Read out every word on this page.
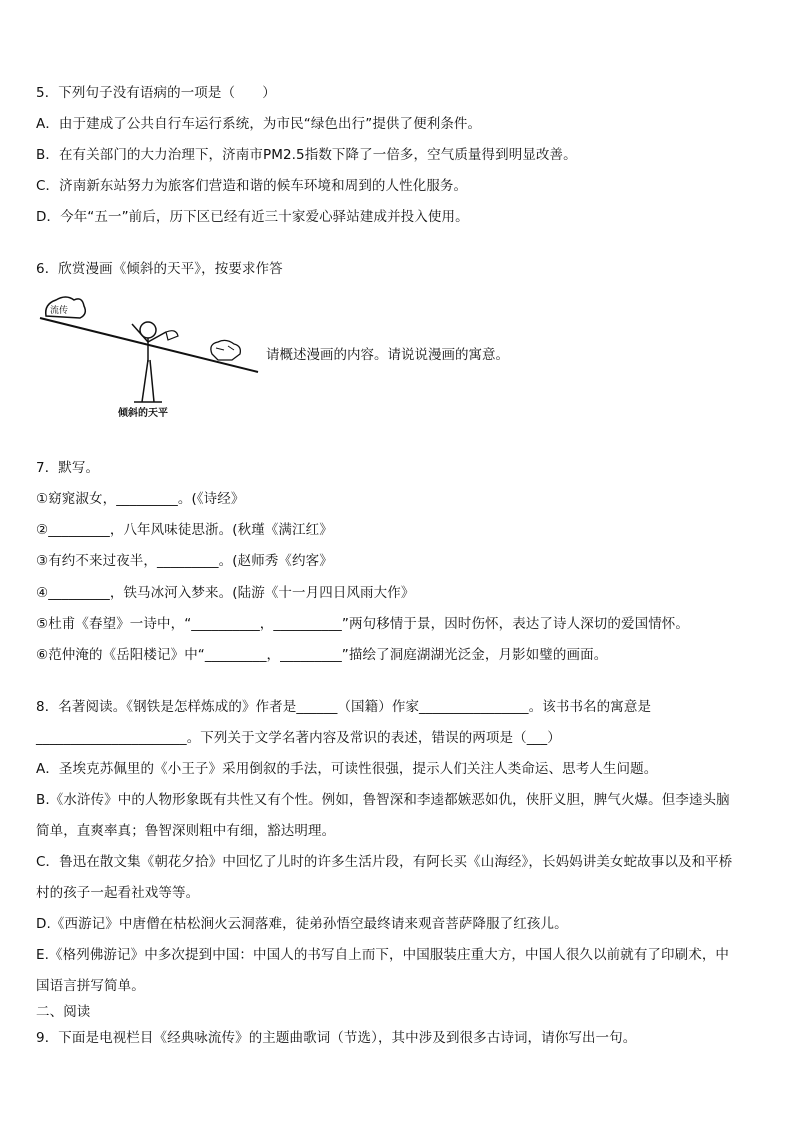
5．下列句子没有语病的一项是（　　）
A．由于建成了公共自行车运行系统，为市民“绿色出行”提供了便利条件。
B．在有关部门的大力治理下，济南市PM2.5指数下降了一倍多，空气质量得到明显改善。
C．济南新东站努力为旅客们营造和谐的候车环境和周到的人性化服务。
D．今年“五一”前后，历下区已经有近三十家爱心驿站建成并投入使用。
6．欣赏漫画《倾斜的天平》，按要求作答
流传
倾斜的天平
请概述漫画的内容。请说说漫画的寓意。
7．默写。
①窈窕淑女，_________。(《诗经》
②_________，八年风味徒思浙。(秋瑾《满江红》
③有约不来过夜半，_________。(赵师秀《约客》
④_________，铁马冰河入梦来。(陆游《十一月四日风雨大作》
⑤杜甫《春望》一诗中，“__________，__________”两句移情于景，因时伤怀，表达了诗人深切的爱国情怀。
⑥范仲淹的《岳阳楼记》中“_________，_________”描绘了洞庭湖湖光泛金，月影如璧的画面。
8．名著阅读。《钢铁是怎样炼成的》作者是______（国籍）作家________________。该书书名的寓意是
______________________。下列关于文学名著内容及常识的表述，错误的两项是（___）
A．圣埃克苏佩里的《小王子》采用倒叙的手法，可读性很强，提示人们关注人类命运、思考人生问题。
B.《水浒传》中的人物形象既有共性又有个性。例如，鲁智深和李逵都嫉恶如仇，侠肝义胆，脾气火爆。但李逵头脑
简单，直爽率真；鲁智深则粗中有细，豁达明理。
C．鲁迅在散文集《朝花夕拾》中回忆了儿时的许多生活片段，有阿长买《山海经》，长妈妈讲美女蛇故事以及和平桥
村的孩子一起看社戏等等。
D.《西游记》中唐僧在枯松涧火云洞落难，徒弟孙悟空最终请来观音菩萨降服了红孩儿。
E.《格列佛游记》中多次提到中国：中国人的书写自上而下，中国服装庄重大方，中国人很久以前就有了印刷术，中
国语言拼写简单。
二、阅读
9．下面是电视栏目《经典咏流传》的主题曲歌词（节选），其中涉及到很多古诗词，请你写出一句。
